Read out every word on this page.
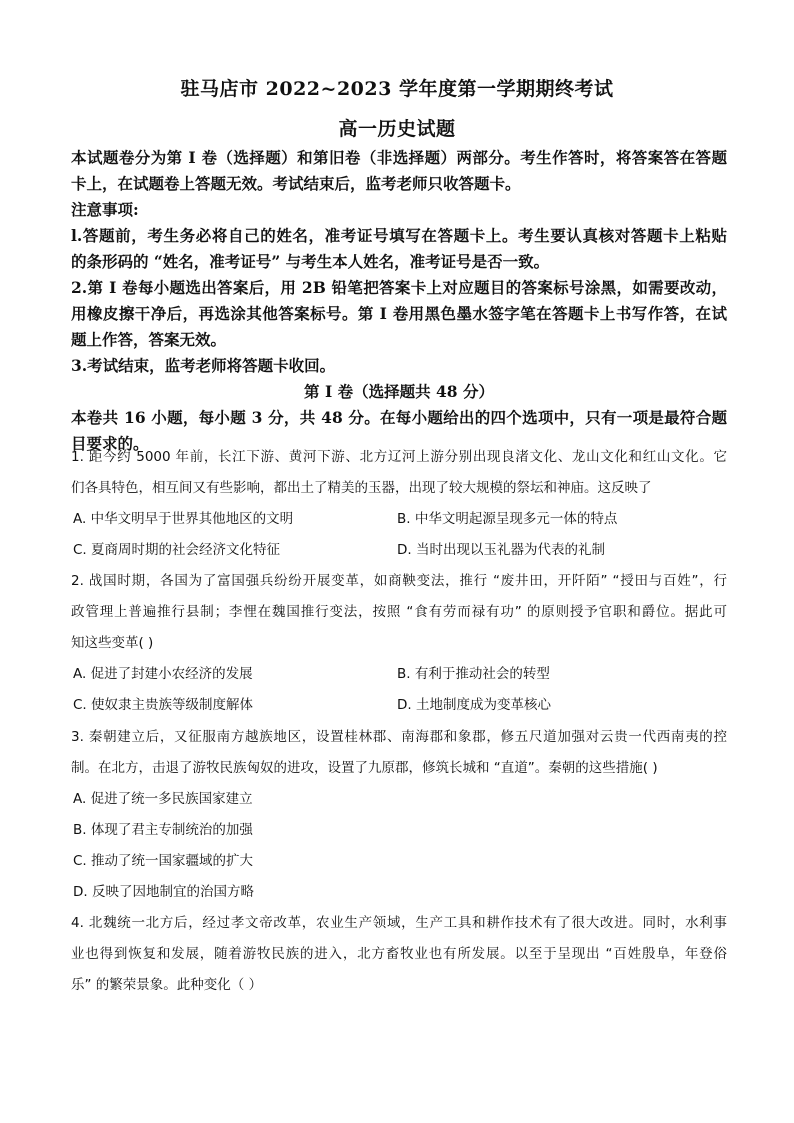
驻马店市 2022~2023 学年度第一学期期终考试
高一历史试题
本试题卷分为第 I 卷（选择题）和第旧卷（非选择题）两部分。考生作答时，将答案答在答题
卡上，在试题卷上答题无效。考试结束后，监考老师只收答题卡。
注意事项:
l.答题前，考生务必将自己的姓名，准考证号填写在答题卡上。考生要认真核对答题卡上粘贴
的条形码的 “姓名，准考证号” 与考生本人姓名，准考证号是否一致。
2.第 I 卷每小题选出答案后，用 2B 铅笔把答案卡上对应题目的答案标号涂黑，如需要改动，
用橡皮擦干净后，再选涂其他答案标号。第 I 卷用黑色墨水签字笔在答题卡上书写作答，在试
题上作答，答案无效。
3.考试结束，监考老师将答题卡收回。
第 I 卷（选择题共 48 分）
本卷共 16 小题，每小题 3 分，共 48 分。在每小题给出的四个选项中，只有一项是最符合题
目要求的。
1. 距今约 5000 年前，长江下游、黄河下游、北方辽河上游分别出现良渚文化、龙山文化和红山文化。它
们各具特色，相互间又有些影响，都出土了精美的玉器，出现了较大规模的祭坛和神庙。这反映了
A. 中华文明早于世界其他地区的文明	B. 中华文明起源呈现多元一体的特点
C. 夏商周时期的社会经济文化特征	D. 当时出现以玉礼器为代表的礼制
2. 战国时期，各国为了富国强兵纷纷开展变革，如商鞅变法，推行 “废井田，开阡陌” “授田与百姓”，行
政管理上普遍推行县制；李悝在魏国推行变法，按照 “食有劳而禄有功” 的原则授予官职和爵位。据此可
知这些变革( )
A. 促进了封建小农经济的发展	B. 有利于推动社会的转型
C. 使奴隶主贵族等级制度解体	D. 土地制度成为变革核心
3. 秦朝建立后，又征服南方越族地区，设置桂林郡、南海郡和象郡，修五尺道加强对云贵一代西南夷的控
制。在北方，击退了游牧民族匈奴的进攻，设置了九原郡，修筑长城和 “直道”。秦朝的这些措施( )
A. 促进了统一多民族国家建立
B. 体现了君主专制统治的加强
C. 推动了统一国家疆域的扩大
D. 反映了因地制宜的治国方略
4. 北魏统一北方后，经过孝文帝改革，农业生产领域，生产工具和耕作技术有了很大改进。同时，水利事
业也得到恢复和发展，随着游牧民族的进入，北方畜牧业也有所发展。以至于呈现出 “百姓殷阜，年登俗
乐” 的繁荣景象。此种变化（ ）
